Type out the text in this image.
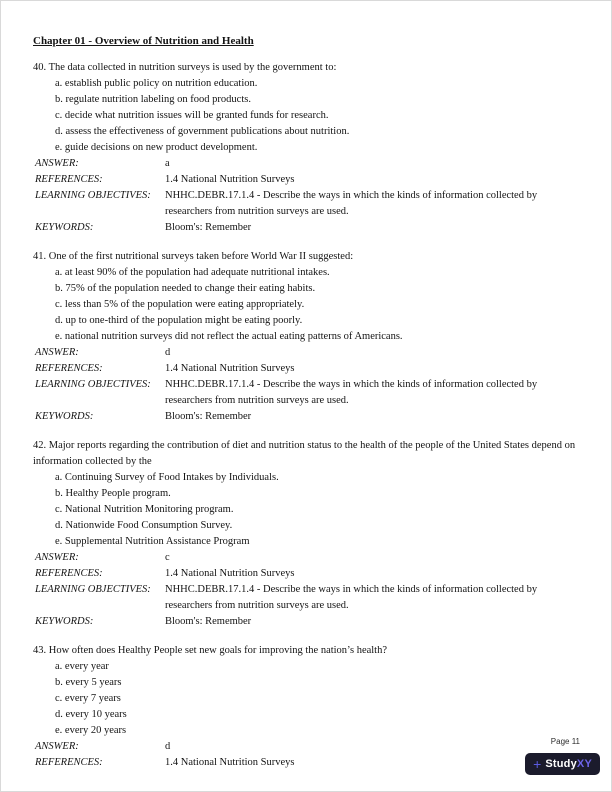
Chapter 01 - Overview of Nutrition and Health

40. The data collected in nutrition surveys is used by the government to:

a. establish public policy on nutrition education.
b. regulate nutrition labeling on food products.
c. decide what nutrition issues will be granted funds for research.
d. assess the effectiveness of government publications about nutrition.
e. guide decisions on new product development.
ANSWER:	a
REFERENCES:	1.4 National Nutrition Surveys
LEARNING OBJECTIVES:	NHHC.DEBR.17.1.4 - Describe the ways in which the kinds of information collected by researchers from nutrition surveys are used.
KEYWORDS:	Bloom's: Remember

41. One of the first nutritional surveys taken before World War II suggested:

a. at least 90% of the population had adequate nutritional intakes.
b. 75% of the population needed to change their eating habits.
c. less than 5% of the population were eating appropriately.
d. up to one-third of the population might be eating poorly.
e. national nutrition surveys did not reflect the actual eating patterns of Americans.
ANSWER:	d
REFERENCES:	1.4 National Nutrition Surveys
LEARNING OBJECTIVES:	NHHC.DEBR.17.1.4 - Describe the ways in which the kinds of information collected by researchers from nutrition surveys are used.
KEYWORDS:	Bloom's: Remember

42. Major reports regarding the contribution of diet and nutrition status to the health of the people of the United States depend on information collected by the

a. Continuing Survey of Food Intakes by Individuals.
b. Healthy People program.
c. National Nutrition Monitoring program.
d. Nationwide Food Consumption Survey.
e. Supplemental Nutrition Assistance Program
ANSWER:	c
REFERENCES:	1.4 National Nutrition Surveys
LEARNING OBJECTIVES:	NHHC.DEBR.17.1.4 - Describe the ways in which the kinds of information collected by researchers from nutrition surveys are used.
KEYWORDS:	Bloom's: Remember

43. How often does Healthy People set new goals for improving the nation’s health?

a. every year
b. every 5 years
c. every 7 years
d. every 10 years
e. every 20 years
ANSWER:	d
REFERENCES:	1.4 National Nutrition Surveys
Page 11
+ StudyXY
